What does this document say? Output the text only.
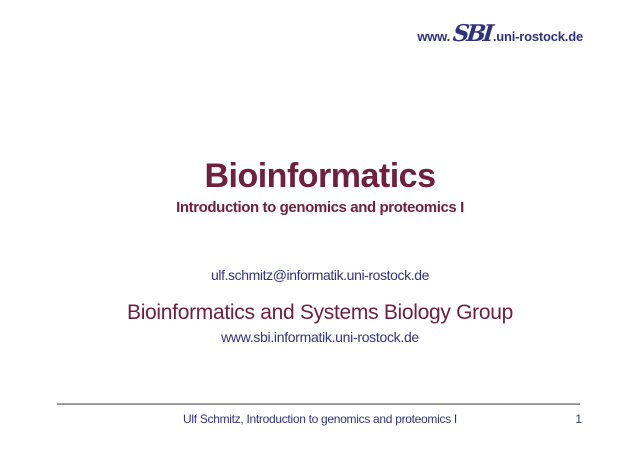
www. SBI .uni-rostock.de
Bioinformatics
Introduction to genomics and proteomics I
ulf.schmitz@informatik.uni-rostock.de
Bioinformatics and Systems Biology Group
www.sbi.informatik.uni-rostock.de
Ulf Schmitz, Introduction to genomics and proteomics I	1
